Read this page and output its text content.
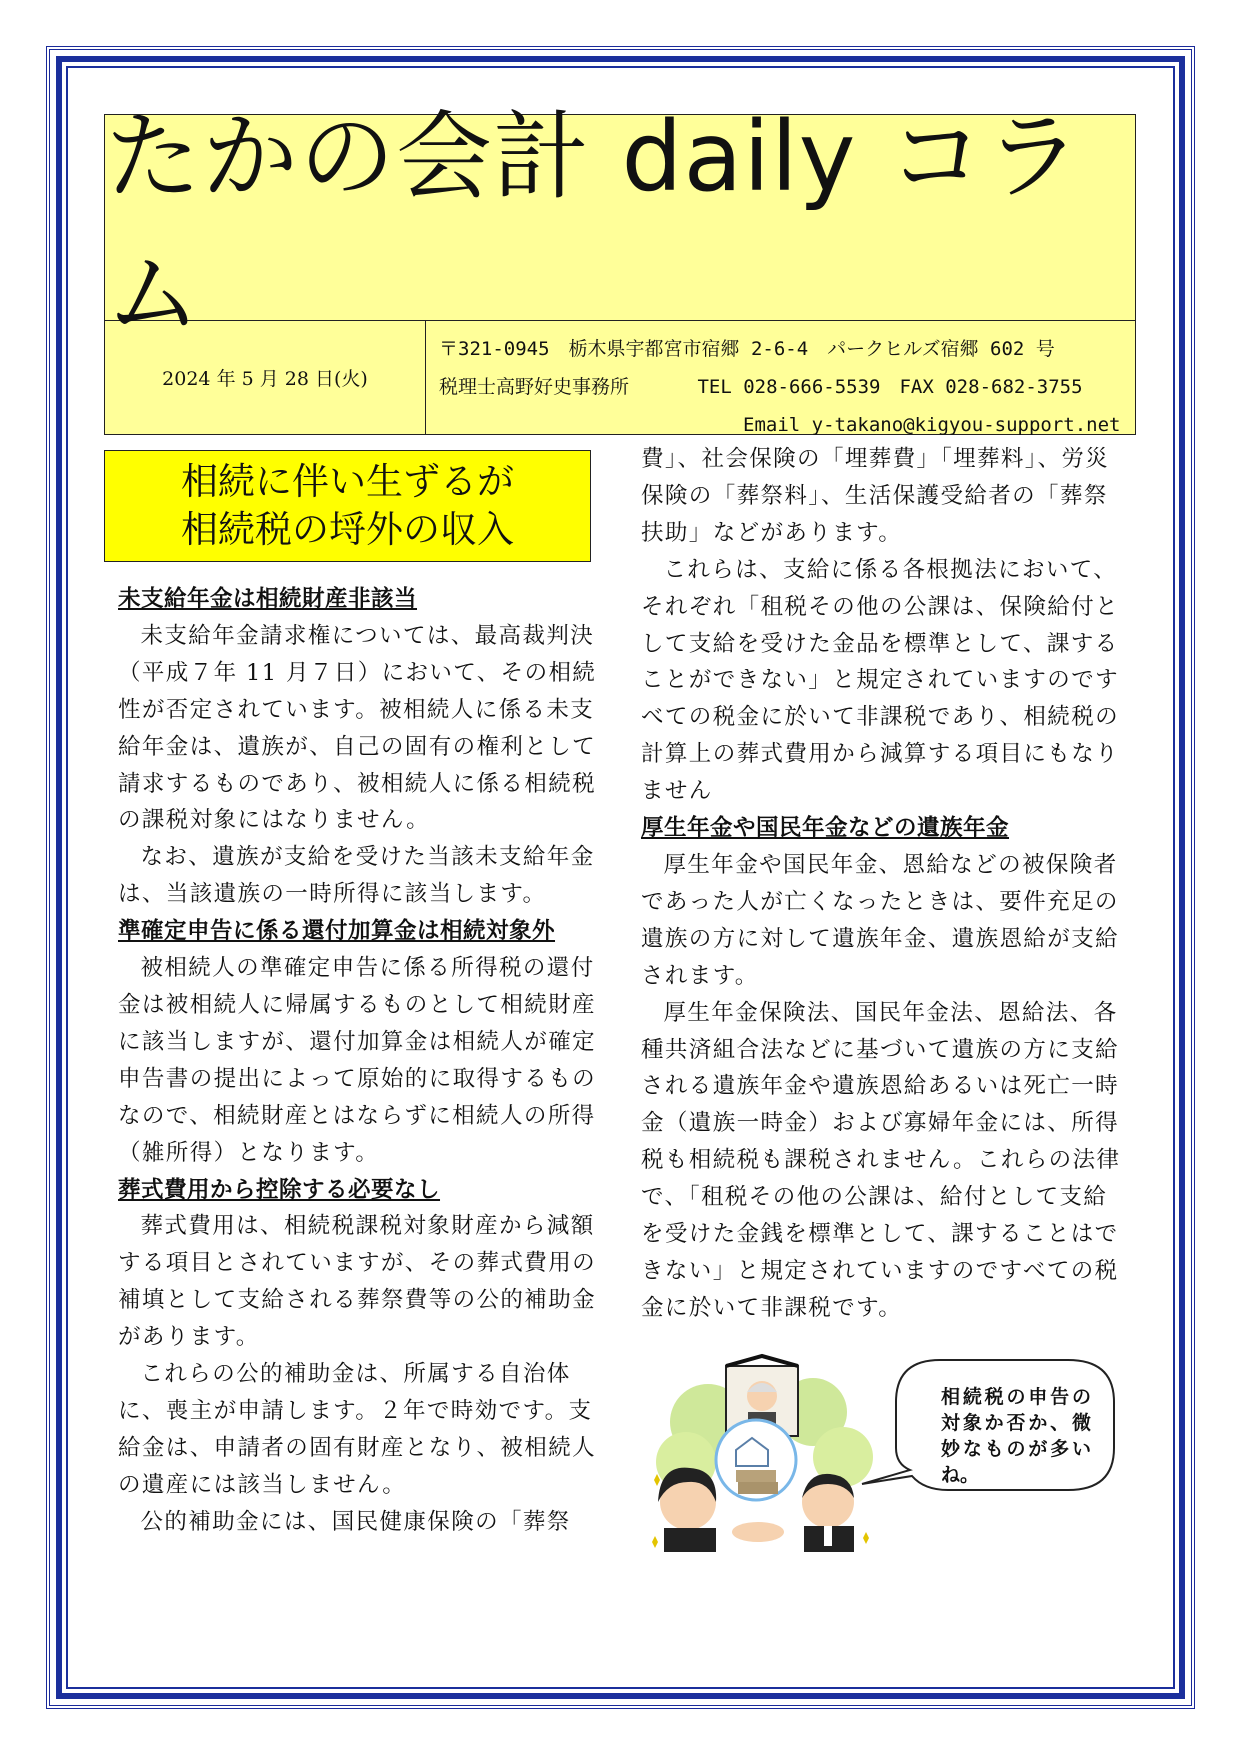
たかの会計 daily コラム
2024 年 5 月 28 日(火)
〒321-0945　栃木県宇都宮市宿郷 2-6-4　パークヒルズ宿郷 602 号
税理士高野好史事務所　　　	TEL 028-666-5539　FAX 028-682-3755
Email y-takano@kigyou-support.net
相続に伴い生ずるが
相続税の埒外の収入
未支給年金は相続財産非該当

未支給年金請求権については、最高裁判決（平成７年 11 月７日）において、その相続性が否定されています。被相続人に係る未支給年金は、遺族が、自己の固有の権利として請求するものであり、被相続人に係る相続税の課税対象にはなりません。

なお、遺族が支給を受けた当該未支給年金は、当該遺族の一時所得に該当します。

準確定申告に係る還付加算金は相続対象外

被相続人の準確定申告に係る所得税の還付金は被相続人に帰属するものとして相続財産に該当しますが、還付加算金は相続人が確定申告書の提出によって原始的に取得するものなので、相続財産とはならずに相続人の所得（雑所得）となります。

葬式費用から控除する必要なし

葬式費用は、相続税課税対象財産から減額する項目とされていますが、その葬式費用の補填として支給される葬祭費等の公的補助金があります。

これらの公的補助金は、所属する自治体に、喪主が申請します。２年で時効です。支給金は、申請者の固有財産となり、被相続人の遺産には該当しません。

公的補助金には、国民健康保険の「葬祭

費」、社会保険の「埋葬費」「埋葬料」、労災保険の「葬祭料」、生活保護受給者の「葬祭扶助」などがあります。

これらは、支給に係る各根拠法において、それぞれ「租税その他の公課は、保険給付として支給を受けた金品を標準として、課することができない」と規定されていますのですべての税金に於いて非課税であり、相続税の計算上の葬式費用から減算する項目にもなりません

厚生年金や国民年金などの遺族年金

厚生年金や国民年金、恩給などの被保険者であった人が亡くなったときは、要件充足の遺族の方に対して遺族年金、遺族恩給が支給されます。

厚生年金保険法、国民年金法、恩給法、各種共済組合法などに基づいて遺族の方に支給される遺族年金や遺族恩給あるいは死亡一時金（遺族一時金）および寡婦年金には、所得税も相続税も課税されません。これらの法律で、「租税その他の公課は、給付として支給を受けた金銭を標準として、課することはできない」と規定されていますのですべての税金に於いて非課税です。

相続税の申告の対象か否か、微妙なものが多いね。
